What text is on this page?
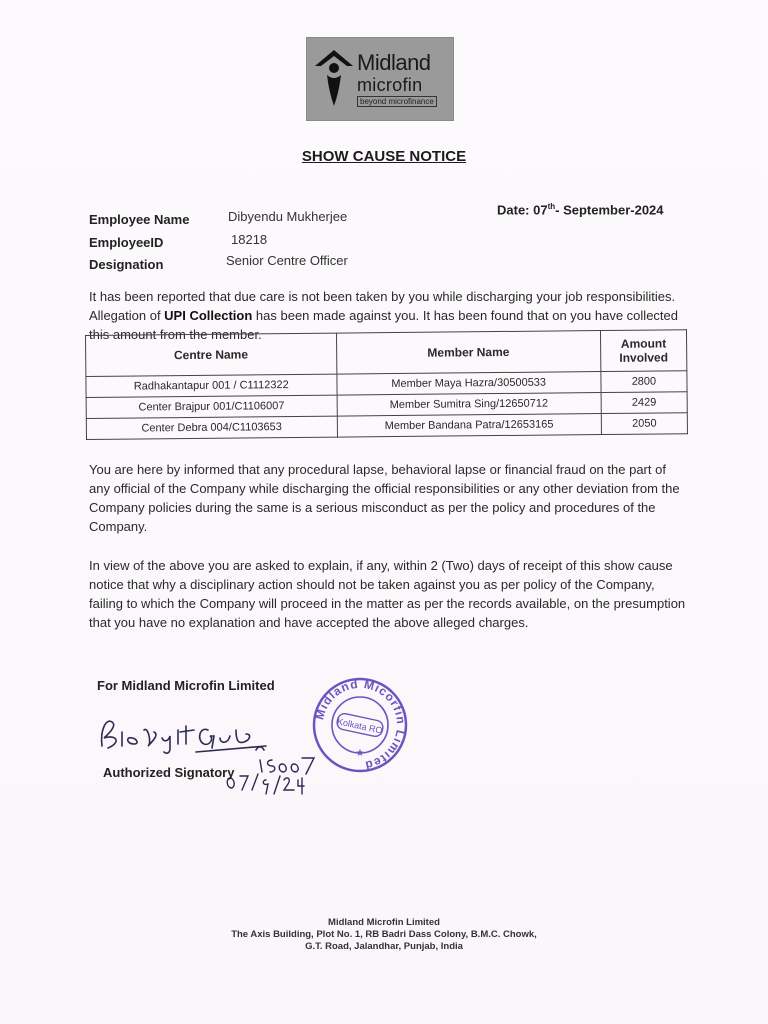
Midland
microfin
beyond microfinance
SHOW CAUSE NOTICE
Employee Name	Dibyendu Mukherjee
EmployeeID	18218
Designation	Senior Centre Officer
Date: 07th- September-2024
It has been reported that due care is not been taken by you while discharging your job responsibilities. Allegation of UPI Collection has been made against you. It has been found that on you have collected this amount from the member.
Centre Name	Member Name	Amount Involved
Radhakantapur 001 / C1112322	Member Maya Hazra/30500533	2800
Center Brajpur 001/C1106007	Member Sumitra Sing/12650712	2429
Center Debra 004/C1103653	Member Bandana Patra/12653165	2050
You are here by informed that any procedural lapse, behavioral lapse or financial fraud on the part of any official of the Company while discharging the official responsibilities or any other deviation from the Company policies during the same is a serious misconduct as per the policy and procedures of the Company.
In view of the above you are asked to explain, if any, within 2 (Two) days of receipt of this show cause notice that why a disciplinary action should not be taken against you as per policy of the Company, failing to which the Company will proceed in the matter as per the records available, on the presumption that you have no explanation and have accepted the above alleged charges.
For Midland Microfin Limited
Midland Micorfin Limited
Kolkata RO
★
Authorized Signatory
Midland Microfin Limited
The Axis Building, Plot No. 1, RB Badri Dass Colony, B.M.C. Chowk,
G.T. Road, Jalandhar, Punjab, India
